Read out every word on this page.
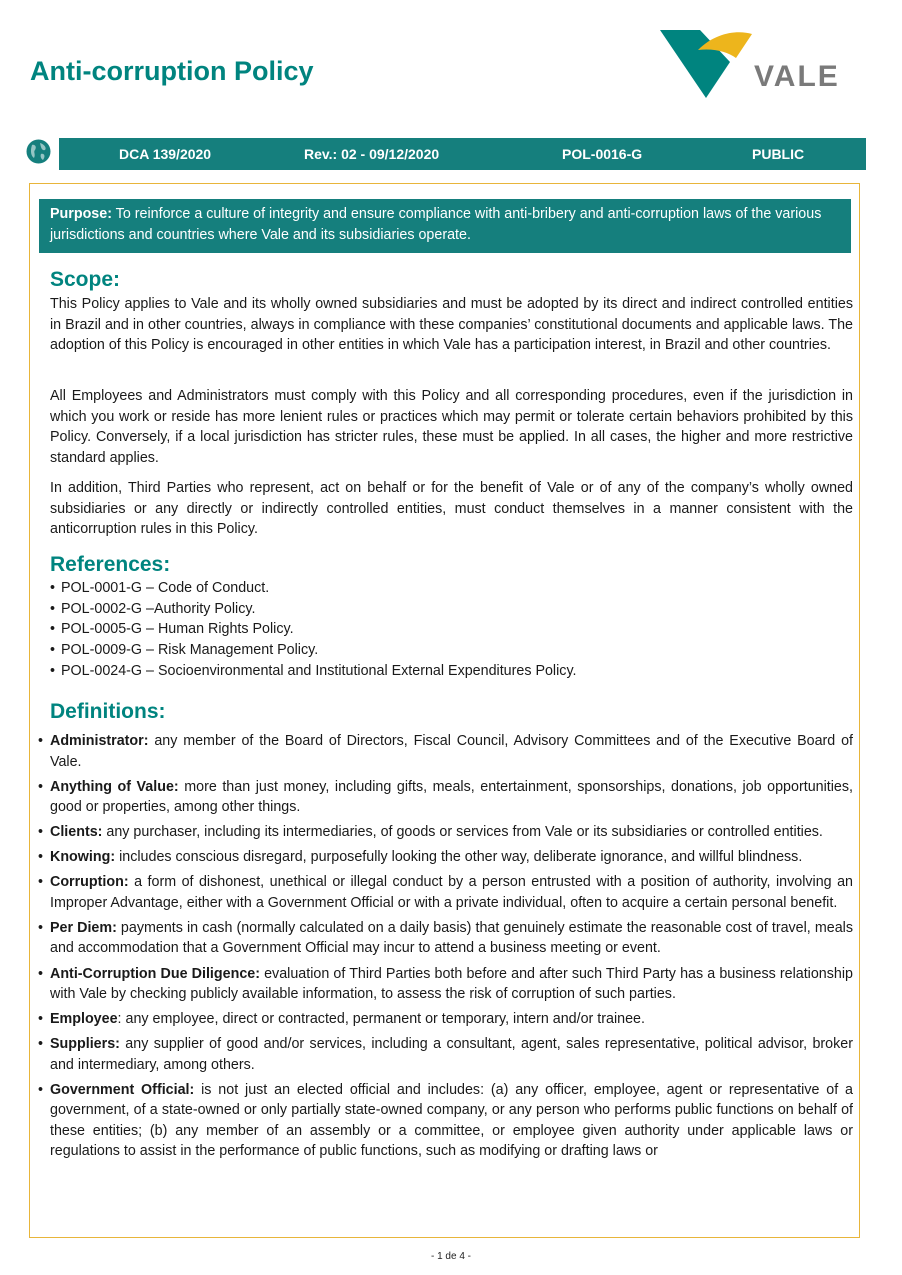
Anti-corruption Policy	VALE
DCA 139/2020	Rev.: 02 - 09/12/2020	POL-0016-G	PUBLIC
Purpose: To reinforce a culture of integrity and ensure compliance with anti-bribery and anti-corruption laws of the various jurisdictions and countries where Vale and its subsidiaries operate.
Scope:

This Policy applies to Vale and its wholly owned subsidiaries and must be adopted by its direct and indirect controlled entities in Brazil and in other countries, always in compliance with these companies’ constitutional documents and applicable laws. The adoption of this Policy is encouraged in other entities in which Vale has a participation interest, in Brazil and other countries.

All Employees and Administrators must comply with this Policy and all corresponding procedures, even if the jurisdiction in which you work or reside has more lenient rules or practices which may permit or tolerate certain behaviors prohibited by this Policy. Conversely, if a local jurisdiction has stricter rules, these must be applied. In all cases, the higher and more restrictive standard applies.

In addition, Third Parties who represent, act on behalf or for the benefit of Vale or of any of the company’s wholly owned subsidiaries or any directly or indirectly controlled entities, must conduct themselves in a manner consistent with the anticorruption rules in this Policy.

References:
• POL-0001-G – Code of Conduct.
• POL-0002-G –Authority Policy.
• POL-0005-G – Human Rights Policy.
• POL-0009-G – Risk Management Policy.
• POL-0024-G – Socioenvironmental and Institutional External Expenditures Policy.
Definitions:
• Administrator: any member of the Board of Directors, Fiscal Council, Advisory Committees and of the Executive Board of Vale.
• Anything of Value: more than just money, including gifts, meals, entertainment, sponsorships, donations, job opportunities, good or properties, among other things.
• Clients: any purchaser, including its intermediaries, of goods or services from Vale or its subsidiaries or controlled entities.
• Knowing: includes conscious disregard, purposefully looking the other way, deliberate ignorance, and willful blindness.
• Corruption: a form of dishonest, unethical or illegal conduct by a person entrusted with a position of authority, involving an Improper Advantage, either with a Government Official or with a private individual, often to acquire a certain personal benefit.
• Per Diem: payments in cash (normally calculated on a daily basis) that genuinely estimate the reasonable cost of travel, meals and accommodation that a Government Official may incur to attend a business meeting or event.
• Anti-Corruption Due Diligence: evaluation of Third Parties both before and after such Third Party has a business relationship with Vale by checking publicly available information, to assess the risk of corruption of such parties.
• Employee: any employee, direct or contracted, permanent or temporary, intern and/or trainee.
• Suppliers: any supplier of good and/or services, including a consultant, agent, sales representative, political advisor, broker and intermediary, among others.
• Government Official: is not just an elected official and includes: (a) any officer, employee, agent or representative of a government, of a state-owned or only partially state-owned company, or any person who performs public functions on behalf of these entities; (b) any member of an assembly or a committee, or employee given authority under applicable laws or regulations to assist in the performance of public functions, such as modifying or drafting laws or
- 1 de 4 -
